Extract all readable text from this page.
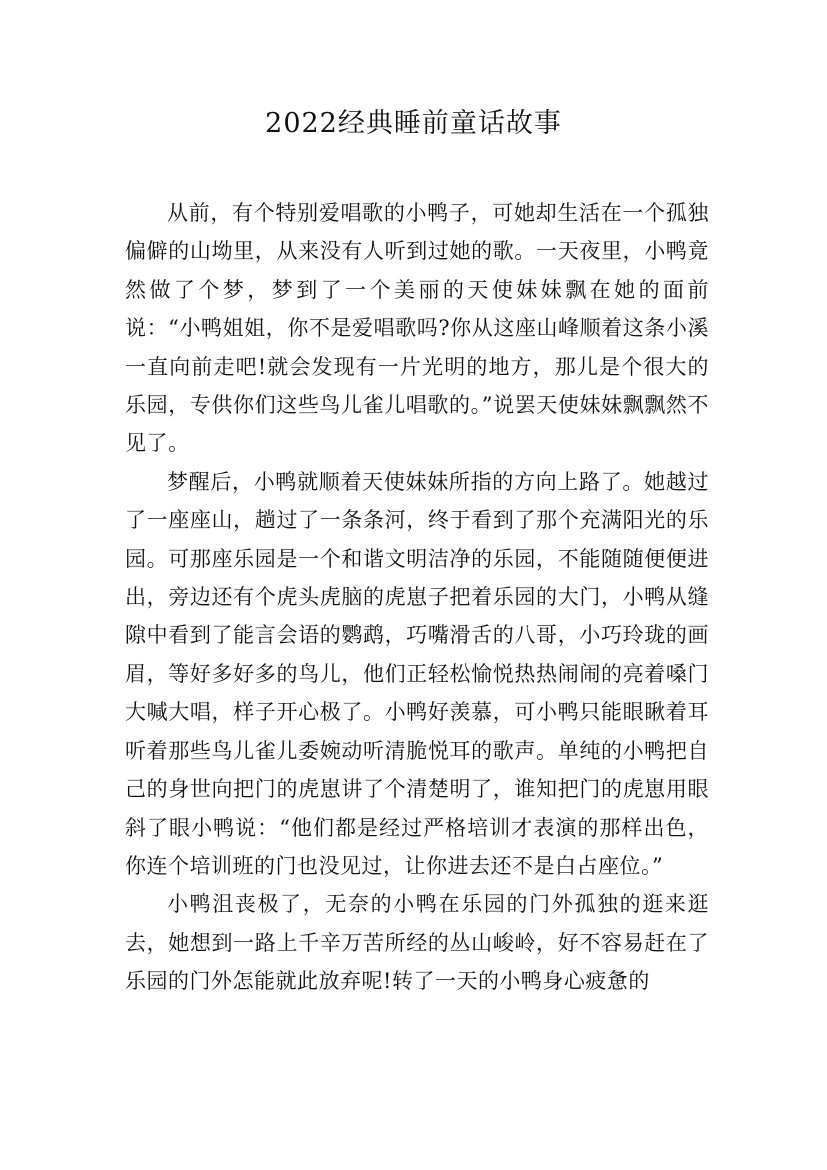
2022经典睡前童话故事

从前，有个特别爱唱歌的小鸭子，可她却生活在一个孤独偏僻的山坳里，从来没有人听到过她的歌。一天夜里，小鸭竟然做了个梦，梦到了一个美丽的天使妹妹飘在她的面前说：“小鸭姐姐，你不是爱唱歌吗?你从这座山峰顺着这条小溪一直向前走吧!就会发现有一片光明的地方，那儿是个很大的乐园，专供你们这些鸟儿雀儿唱歌的。”说罢天使妹妹飘飘然不见了。

梦醒后，小鸭就顺着天使妹妹所指的方向上路了。她越过了一座座山，趟过了一条条河，终于看到了那个充满阳光的乐园。可那座乐园是一个和谐文明洁净的乐园，不能随随便便进出，旁边还有个虎头虎脑的虎崽子把着乐园的大门，小鸭从缝隙中看到了能言会语的鹦鹉，巧嘴滑舌的八哥，小巧玲珑的画眉，等好多好多的鸟儿，他们正轻松愉悦热热闹闹的亮着嗓门大喊大唱，样子开心极了。小鸭好羡慕，可小鸭只能眼瞅着耳听着那些鸟儿雀儿委婉动听清脆悦耳的歌声。单纯的小鸭把自己的身世向把门的虎崽讲了个清楚明了，谁知把门的虎崽用眼斜了眼小鸭说：“他们都是经过严格培训才表演的那样出色，你连个培训班的门也没见过，让你进去还不是白占座位。”

小鸭沮丧极了，无奈的小鸭在乐园的门外孤独的逛来逛去，她想到一路上千辛万苦所经的丛山峻岭，好不容易赶在了乐园的门外怎能就此放弃呢!转了一天的小鸭身心疲惫的
